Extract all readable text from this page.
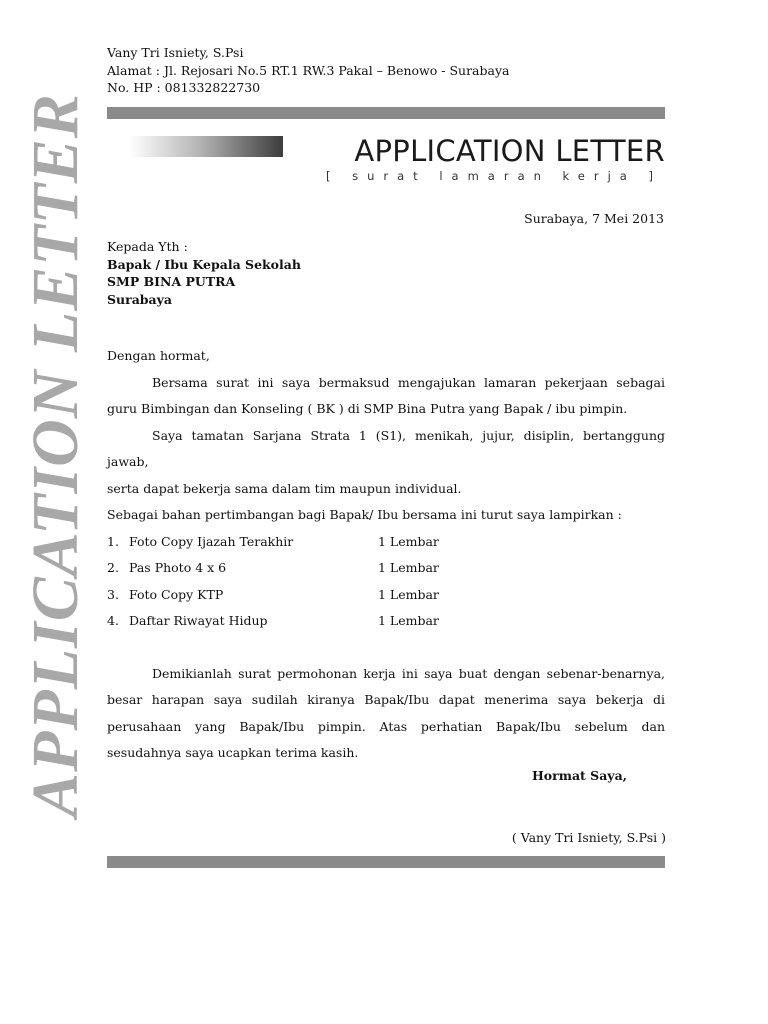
APPLICATION LETTER
Vany Tri Isniety, S.Psi
Alamat : Jl. Rejosari No.5 RT.1 RW.3 Pakal – Benowo - Surabaya
No. HP : 081332822730
APPLICATION LETTER
[ surat lamaran kerja ]
Surabaya, 7 Mei 2013
Kepada Yth :
Bapak / Ibu Kepala Sekolah
SMP BINA PUTRA
Surabaya

Dengan hormat,

Bersama surat ini saya bermaksud mengajukan lamaran pekerjaan sebagai

guru Bimbingan dan Konseling ( BK ) di SMP Bina Putra yang Bapak / ibu pimpin.

Saya tamatan Sarjana Strata 1 (S1), menikah, jujur, disiplin, bertanggung jawab,

serta dapat bekerja sama dalam tim maupun individual.

Sebagai bahan pertimbangan bagi Bapak/ Ibu bersama ini turut saya lampirkan :

1. Foto Copy Ijazah Terakhir	1 Lembar
2. Pas Photo 4 x 6	1 Lembar
3. Foto Copy KTP	1 Lembar
4. Daftar Riwayat Hidup	1 Lembar

Demikianlah surat permohonan kerja ini saya buat dengan sebenar-benarnya,

besar harapan saya sudilah kiranya Bapak/Ibu dapat menerima saya bekerja di

perusahaan yang Bapak/Ibu pimpin. Atas perhatian Bapak/Ibu sebelum dan

sesudahnya saya ucapkan terima kasih.

Hormat Saya,
( Vany Tri Isniety, S.Psi )
